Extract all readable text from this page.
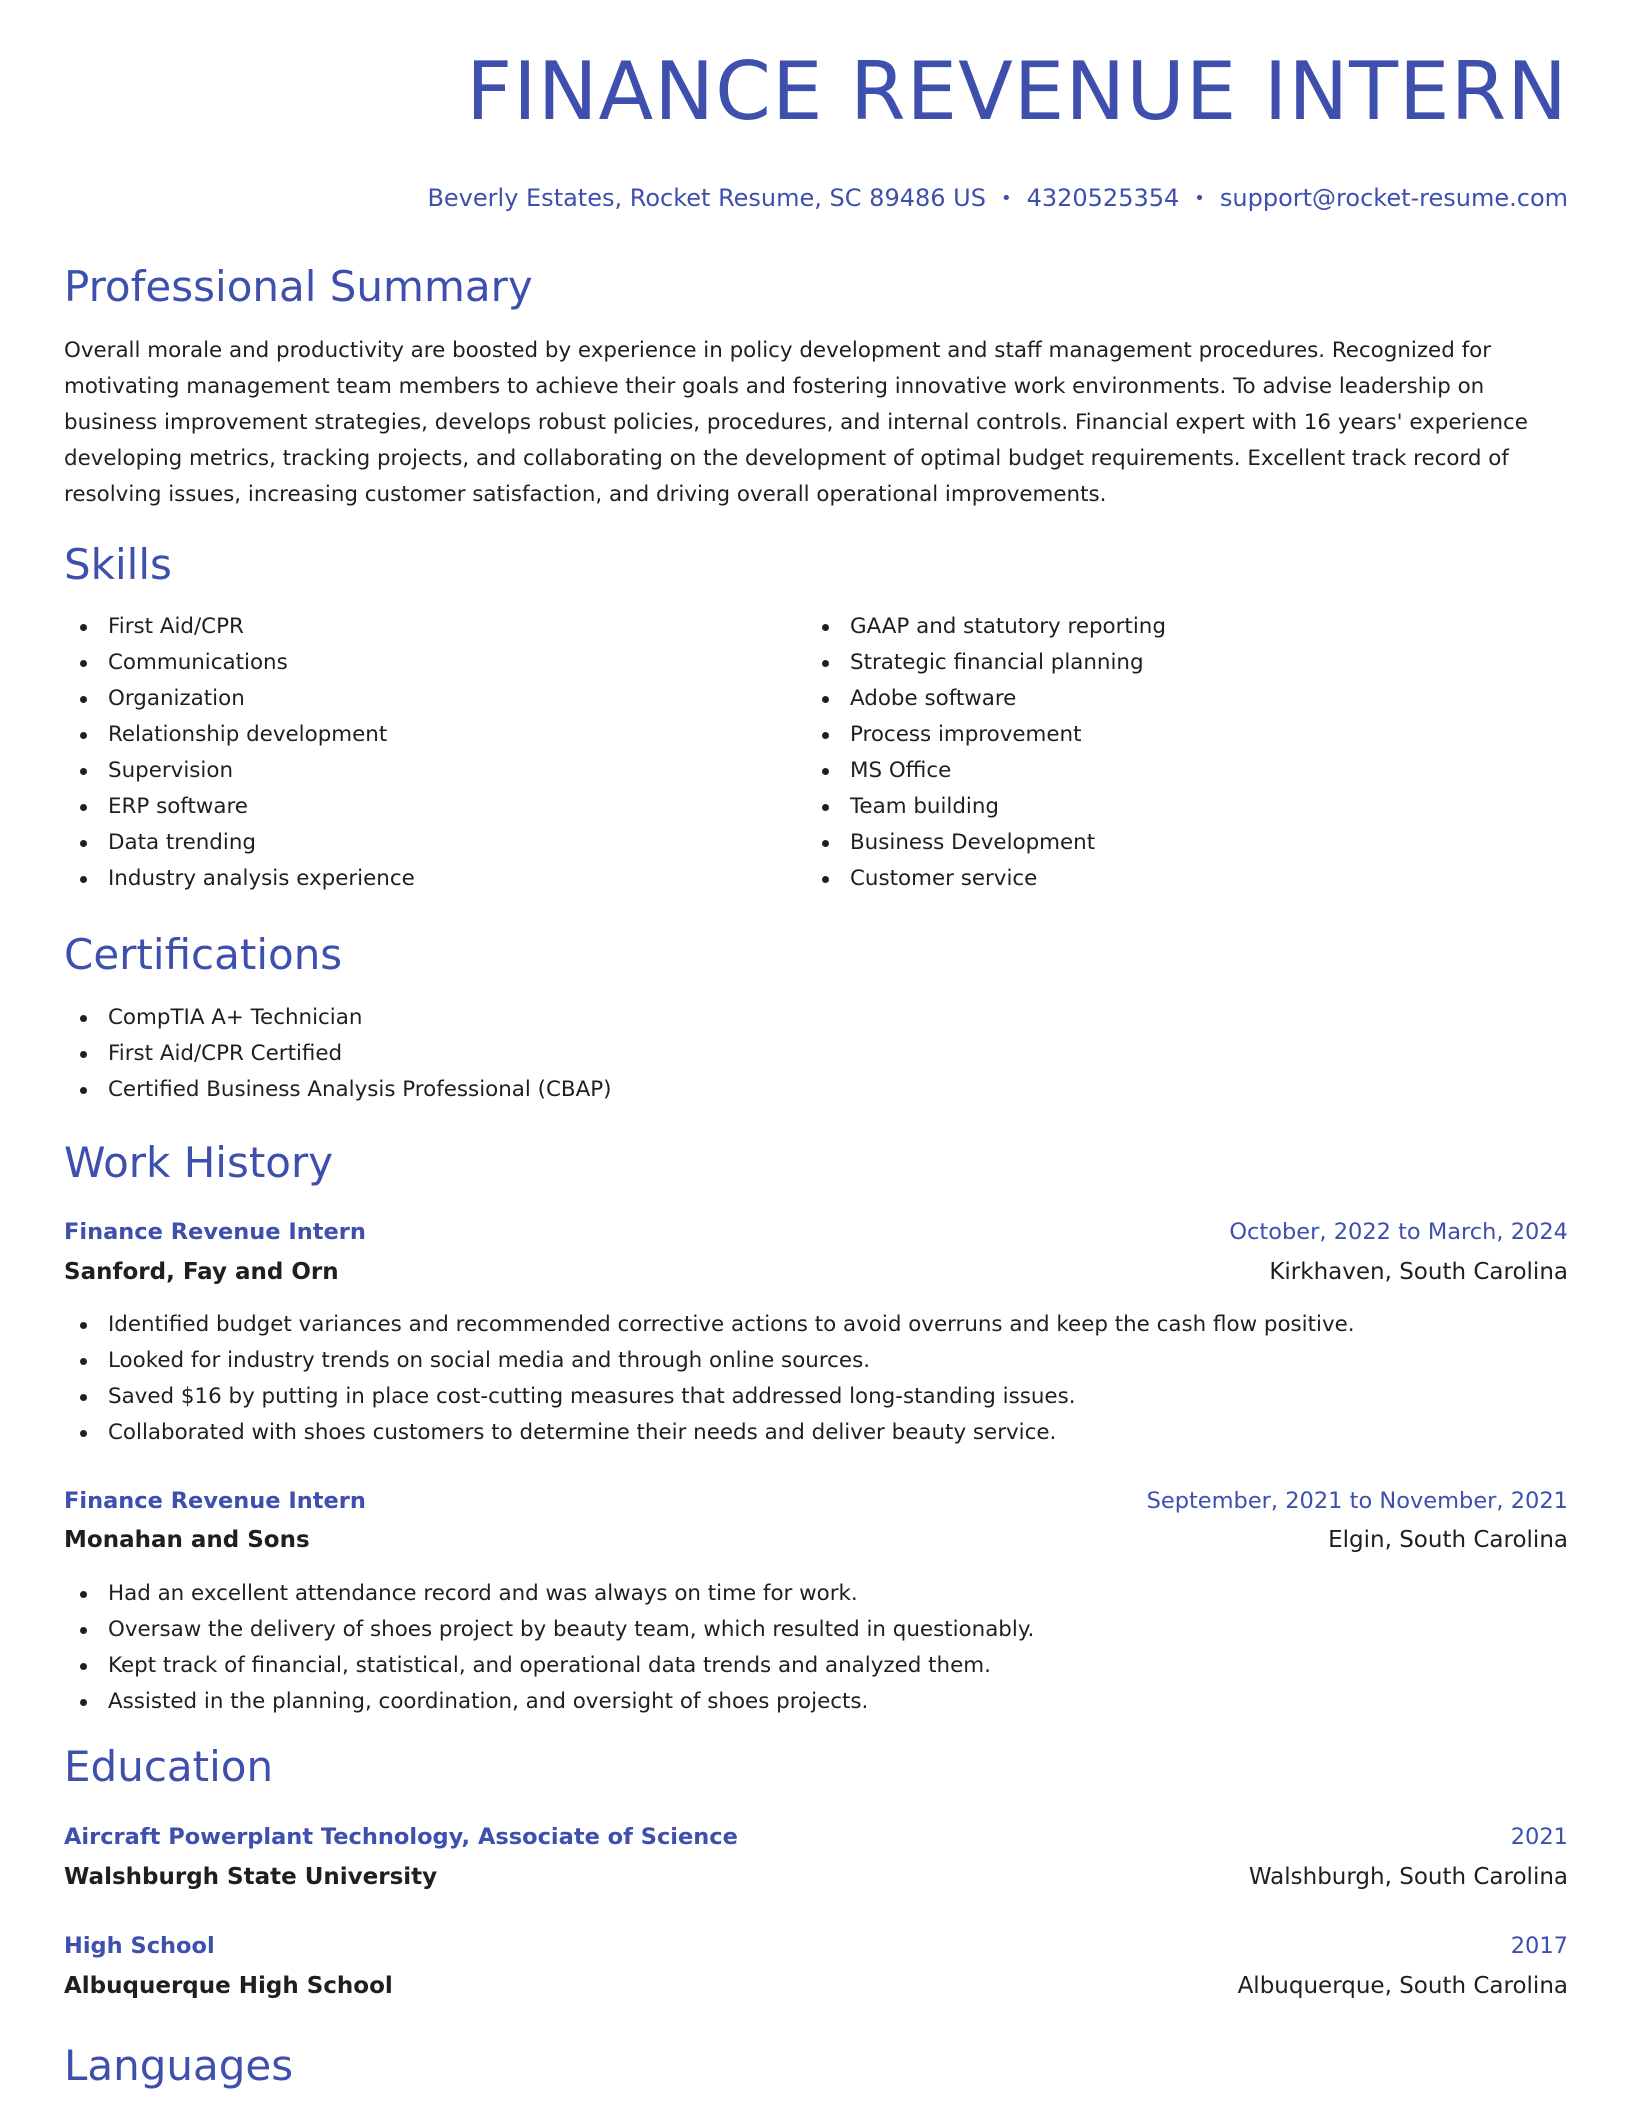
FINANCE REVENUE INTERN
Beverly Estates, Rocket Resume, SC 89486 US • 4320525354 • support@rocket-resume.com
Professional Summary

Overall morale and productivity are boosted by experience in policy development and staff management procedures. Recognized for motivating management team members to achieve their goals and fostering innovative work environments. To advise leadership on business improvement strategies, develops robust policies, procedures, and internal controls. Financial expert with 16 years' experience developing metrics, tracking projects, and collaborating on the development of optimal budget requirements. Excellent track record of resolving issues, increasing customer satisfaction, and driving overall operational improvements.

Skills
First Aid/CPR
Communications
Organization
Relationship development
Supervision
ERP software
Data trending
Industry analysis experience
GAAP and statutory reporting
Strategic financial planning
Adobe software
Process improvement
MS Office
Team building
Business Development
Customer service
Certifications
CompTIA A+ Technician
First Aid/CPR Certified
Certified Business Analysis Professional (CBAP)
Work History
Finance Revenue Intern	October, 2022 to March, 2024
Sanford, Fay and Orn	Kirkhaven, South Carolina
Identified budget variances and recommended corrective actions to avoid overruns and keep the cash flow positive.
Looked for industry trends on social media and through online sources.
Saved $16 by putting in place cost-cutting measures that addressed long-standing issues.
Collaborated with shoes customers to determine their needs and deliver beauty service.
Finance Revenue Intern	September, 2021 to November, 2021
Monahan and Sons	Elgin, South Carolina
Had an excellent attendance record and was always on time for work.
Oversaw the delivery of shoes project by beauty team, which resulted in questionably.
Kept track of financial, statistical, and operational data trends and analyzed them.
Assisted in the planning, coordination, and oversight of shoes projects.
Education
Aircraft Powerplant Technology, Associate of Science	2021
Walshburgh State University	Walshburgh, South Carolina
High School	2017
Albuquerque High School	Albuquerque, South Carolina
Languages
